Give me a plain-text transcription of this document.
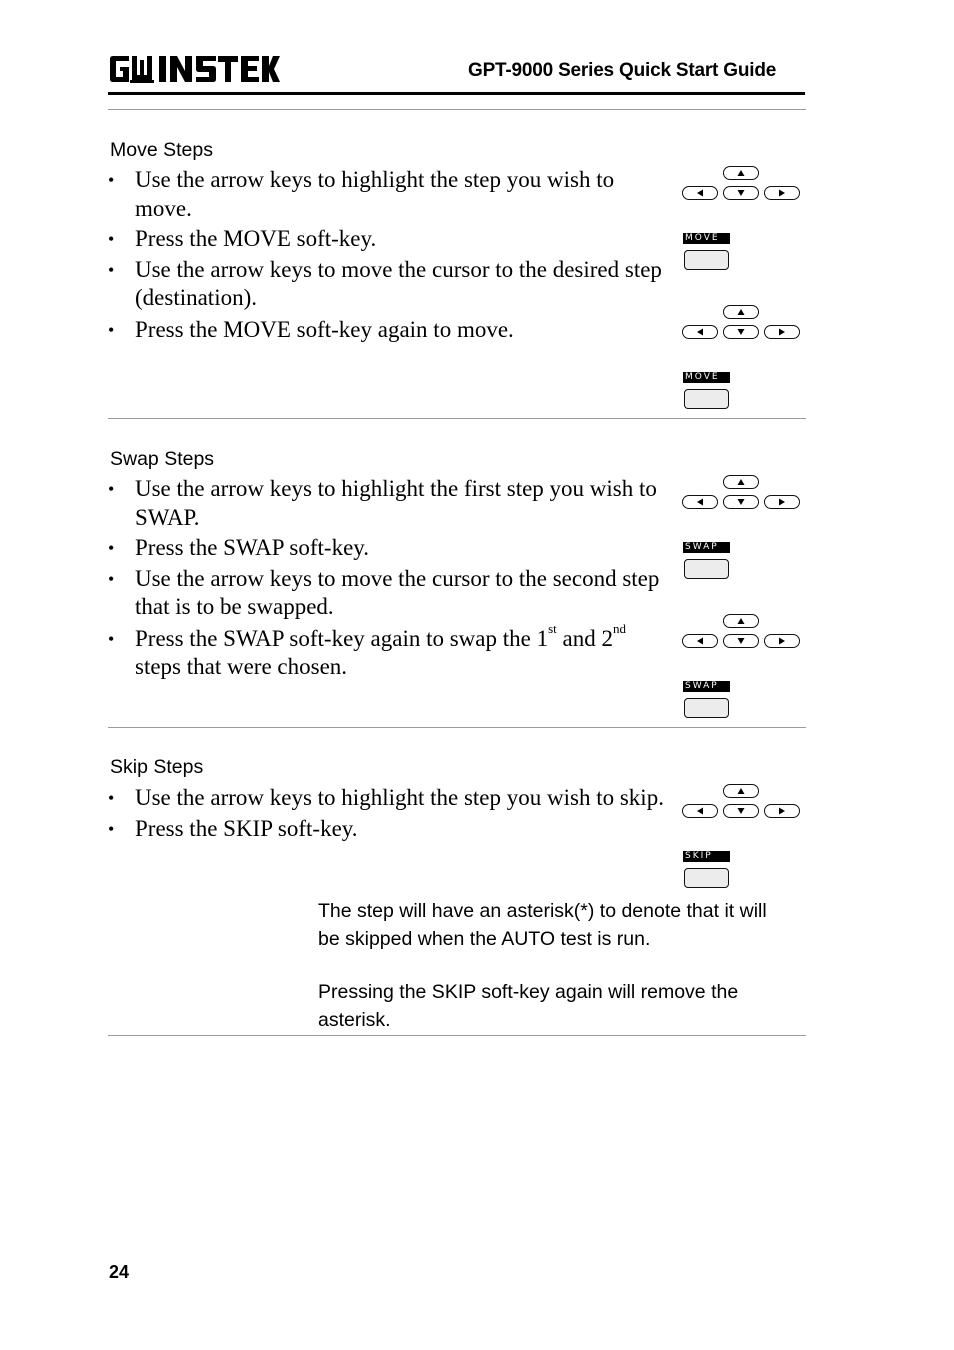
GPT-9000 Series Quick Start Guide
Move Steps
• Use the arrow keys to highlight the step you wish to move.
• Press the MOVE soft-key.
• Use the arrow keys to move the cursor to the desired step (destination).
• Press the MOVE soft-key again to move.
MOVE
MOVE
Swap Steps
• Use the arrow keys to highlight the first step you wish to SWAP.
• Press the SWAP soft-key.
• Use the arrow keys to move the cursor to the second step that is to be swapped.
• Press the SWAP soft-key again to swap the 1st and 2nd steps that were chosen.
SWAP
SWAP
Skip Steps
• Use the arrow keys to highlight the step you wish to skip.
• Press the SKIP soft-key.
SKIP

The step will have an asterisk(*) to denote that it will be skipped when the AUTO test is run.

Pressing the SKIP soft-key again will remove the asterisk.

24
